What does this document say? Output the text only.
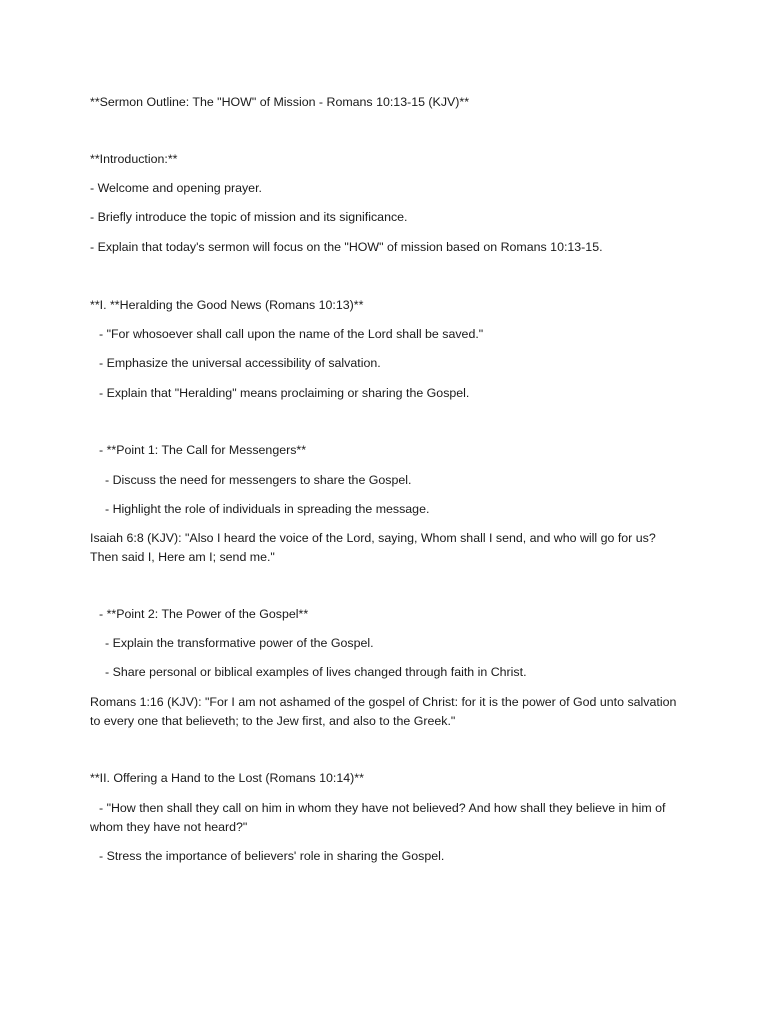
**Sermon Outline: The "HOW" of Mission - Romans 10:13-15 (KJV)**
**Introduction:**
- Welcome and opening prayer.
- Briefly introduce the topic of mission and its significance.
- Explain that today's sermon will focus on the "HOW" of mission based on Romans 10:13-15.
**I. **Heralding the Good News (Romans 10:13)**
- "For whosoever shall call upon the name of the Lord shall be saved."
- Emphasize the universal accessibility of salvation.
- Explain that "Heralding" means proclaiming or sharing the Gospel.
- **Point 1: The Call for Messengers**
- Discuss the need for messengers to share the Gospel.
- Highlight the role of individuals in spreading the message.
Isaiah 6:8 (KJV): "Also I heard the voice of the Lord, saying, Whom shall I send, and who will go for us? Then said I, Here am I; send me."
- **Point 2: The Power of the Gospel**
- Explain the transformative power of the Gospel.
- Share personal or biblical examples of lives changed through faith in Christ.
Romans 1:16 (KJV): "For I am not ashamed of the gospel of Christ: for it is the power of God unto salvation to every one that believeth; to the Jew first, and also to the Greek."
**II. Offering a Hand to the Lost (Romans 10:14)**
- "How then shall they call on him in whom they have not believed? And how shall they believe in him of whom they have not heard?"
- Stress the importance of believers' role in sharing the Gospel.
